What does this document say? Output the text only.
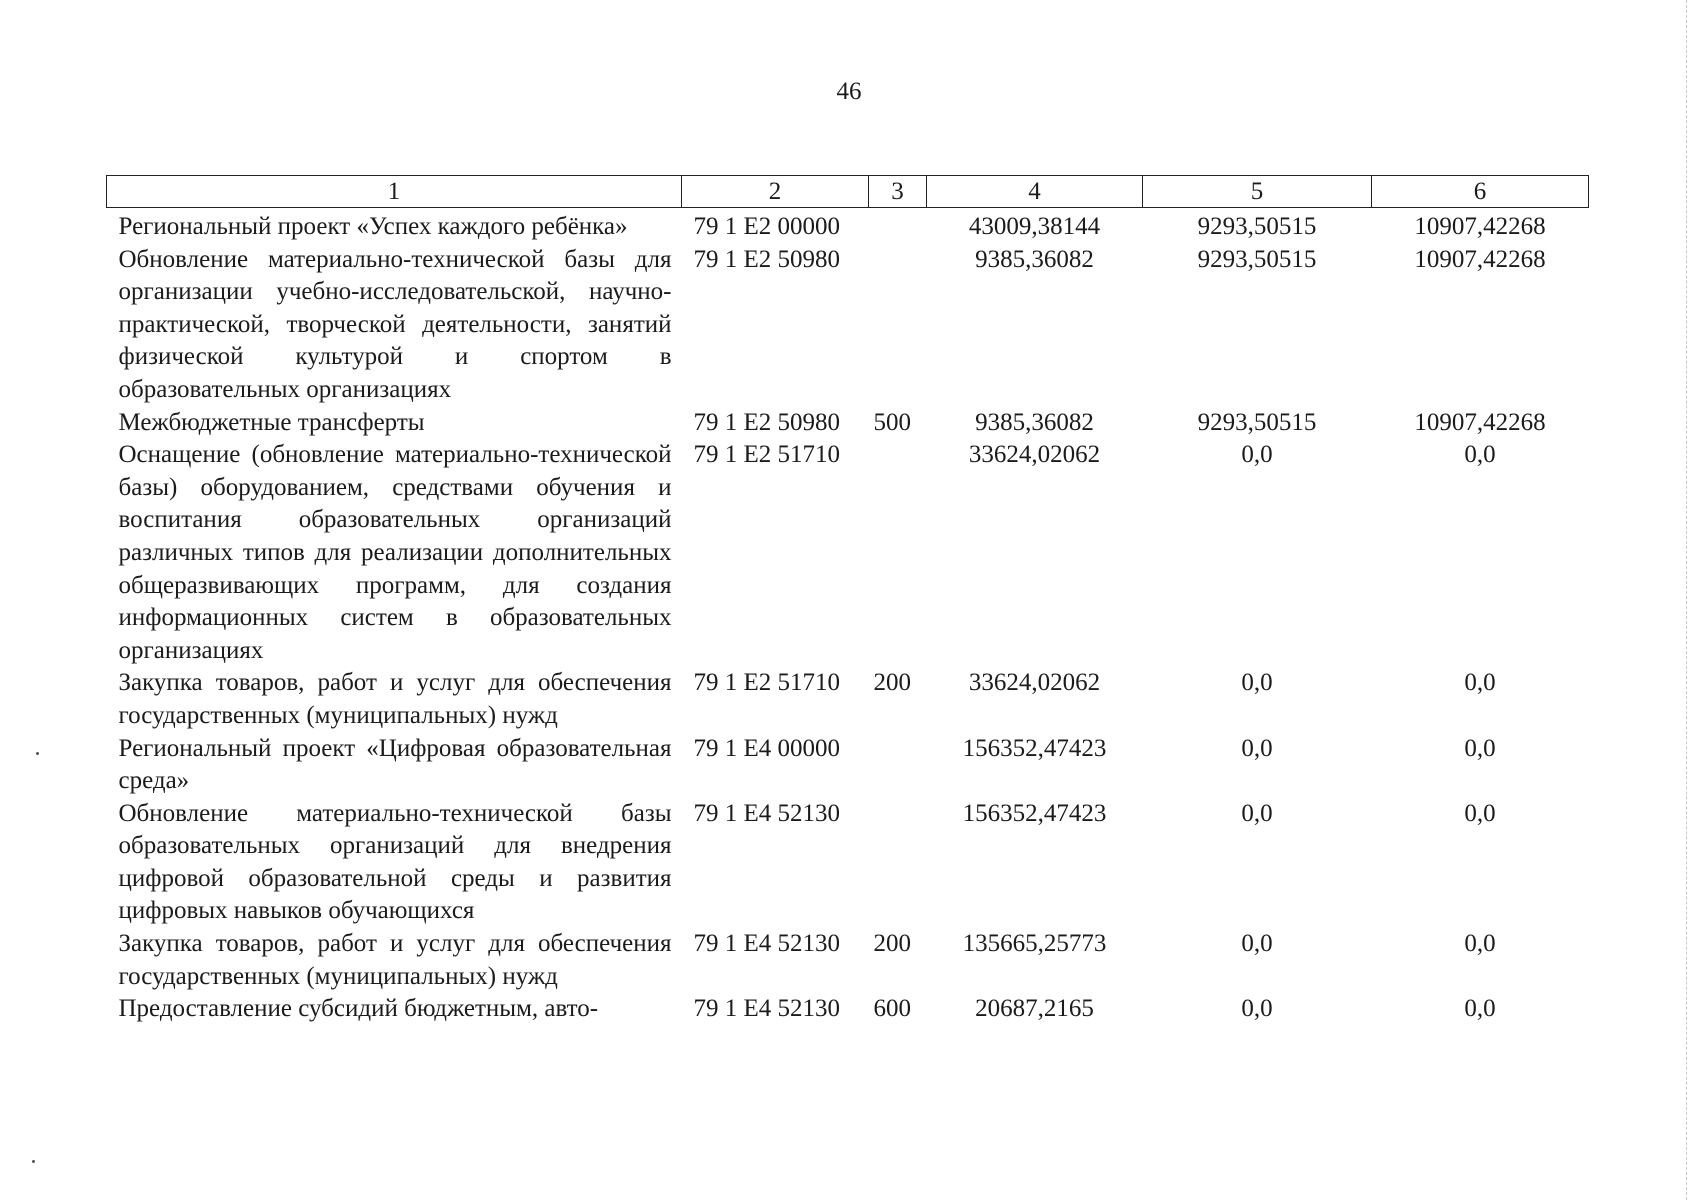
46
1	2	3	4	5	6
Региональный проект «Успех каждого ребёнка»	79 1 E2 00000		43009,38144	9293,50515	10907,42268
Обновление материально-технической базы для организации учебно-исследовательской, научно-практической, творческой деятельности, занятий физической культурой и спортом в образовательных организациях	79 1 E2 50980		9385,36082	9293,50515	10907,42268
Межбюджетные трансферты	79 1 E2 50980	500	9385,36082	9293,50515	10907,42268
Оснащение (обновление материально-технической базы) оборудованием, средствами обучения и воспитания образовательных организаций различных типов для реализации дополнительных общеразвивающих программ, для создания информационных систем в образовательных организациях	79 1 E2 51710		33624,02062	0,0	0,0
Закупка товаров, работ и услуг для обеспечения государственных (муниципальных) нужд	79 1 E2 51710	200	33624,02062	0,0	0,0
Региональный проект «Цифровая образовательная среда»	79 1 E4 00000		156352,47423	0,0	0,0
Обновление материально-технической базы образовательных организаций для внедрения цифровой образовательной среды и развития цифровых навыков обучающихся	79 1 E4 52130		156352,47423	0,0	0,0
Закупка товаров, работ и услуг для обеспечения государственных (муниципальных) нужд	79 1 E4 52130	200	135665,25773	0,0	0,0
Предоставление субсидий бюджетным, авто-	79 1 E4 52130	600	20687,2165	0,0	0,0
